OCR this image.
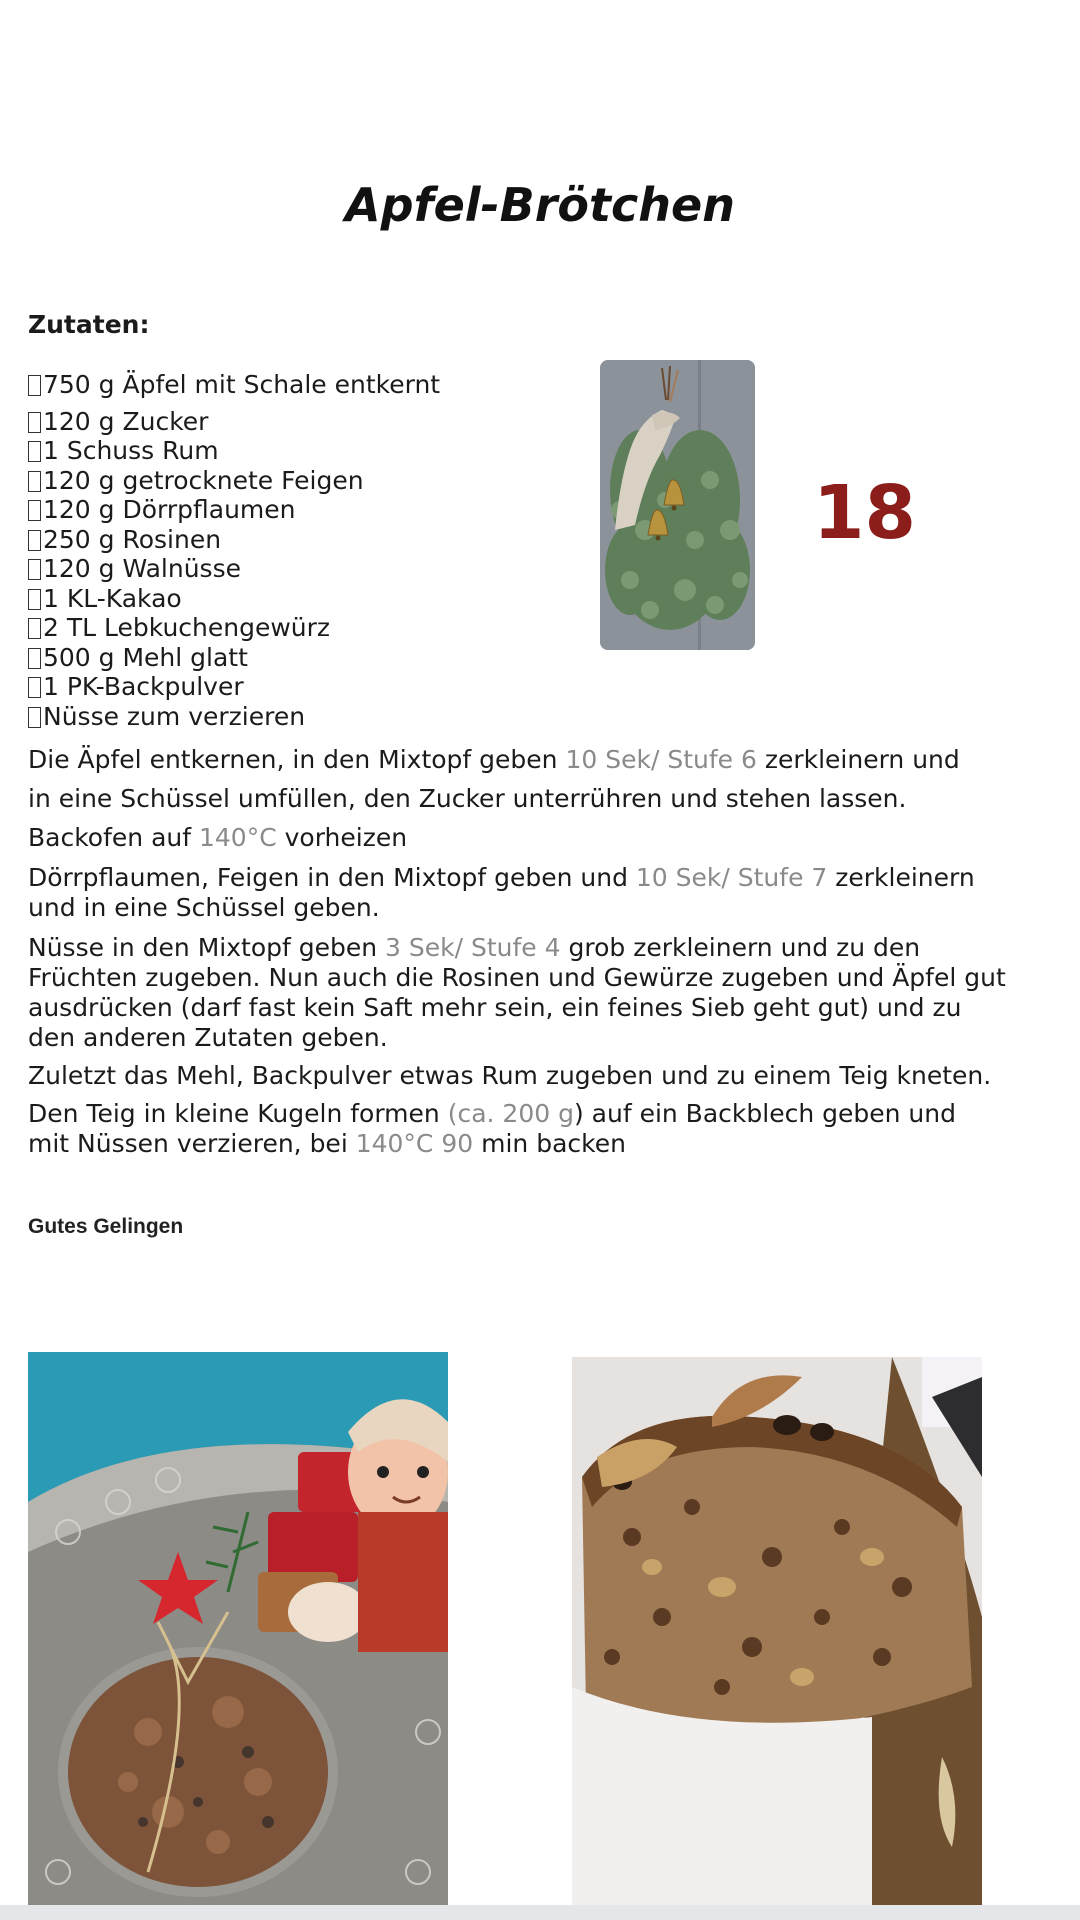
Apfel-Brötchen
Zutaten:
750 g Äpfel mit Schale entkernt
120 g Zucker
1 Schuss Rum
120 g getrocknete Feigen
120 g Dörrpflaumen
250 g Rosinen
120 g Walnüsse
1 KL-Kakao
2 TL Lebkuchengewürz
500 g Mehl glatt
1 PK-Backpulver
Nüsse zum verzieren
18

Die Äpfel entkernen, in den Mixtopf geben 10 Sek/ Stufe 6 zerkleinern und
in eine Schüssel umfüllen, den Zucker unterrühren und stehen lassen.
Backofen auf 140°C vorheizen

Dörrpflaumen, Feigen in den Mixtopf geben und 10 Sek/ Stufe 7 zerkleinern
und in eine Schüssel geben.

Nüsse in den Mixtopf geben 3 Sek/ Stufe 4 grob zerkleinern und zu den
Früchten zugeben. Nun auch die Rosinen und Gewürze zugeben und Äpfel gut
ausdrücken (darf fast kein Saft mehr sein, ein feines Sieb geht gut) und zu
den anderen Zutaten geben.

Zuletzt das Mehl, Backpulver etwas Rum zugeben und zu einem Teig kneten.

Den Teig in kleine Kugeln formen (ca. 200 g) auf ein Backblech geben und
mit Nüssen verzieren, bei 140°C 90 min backen

Gutes Gelingen
